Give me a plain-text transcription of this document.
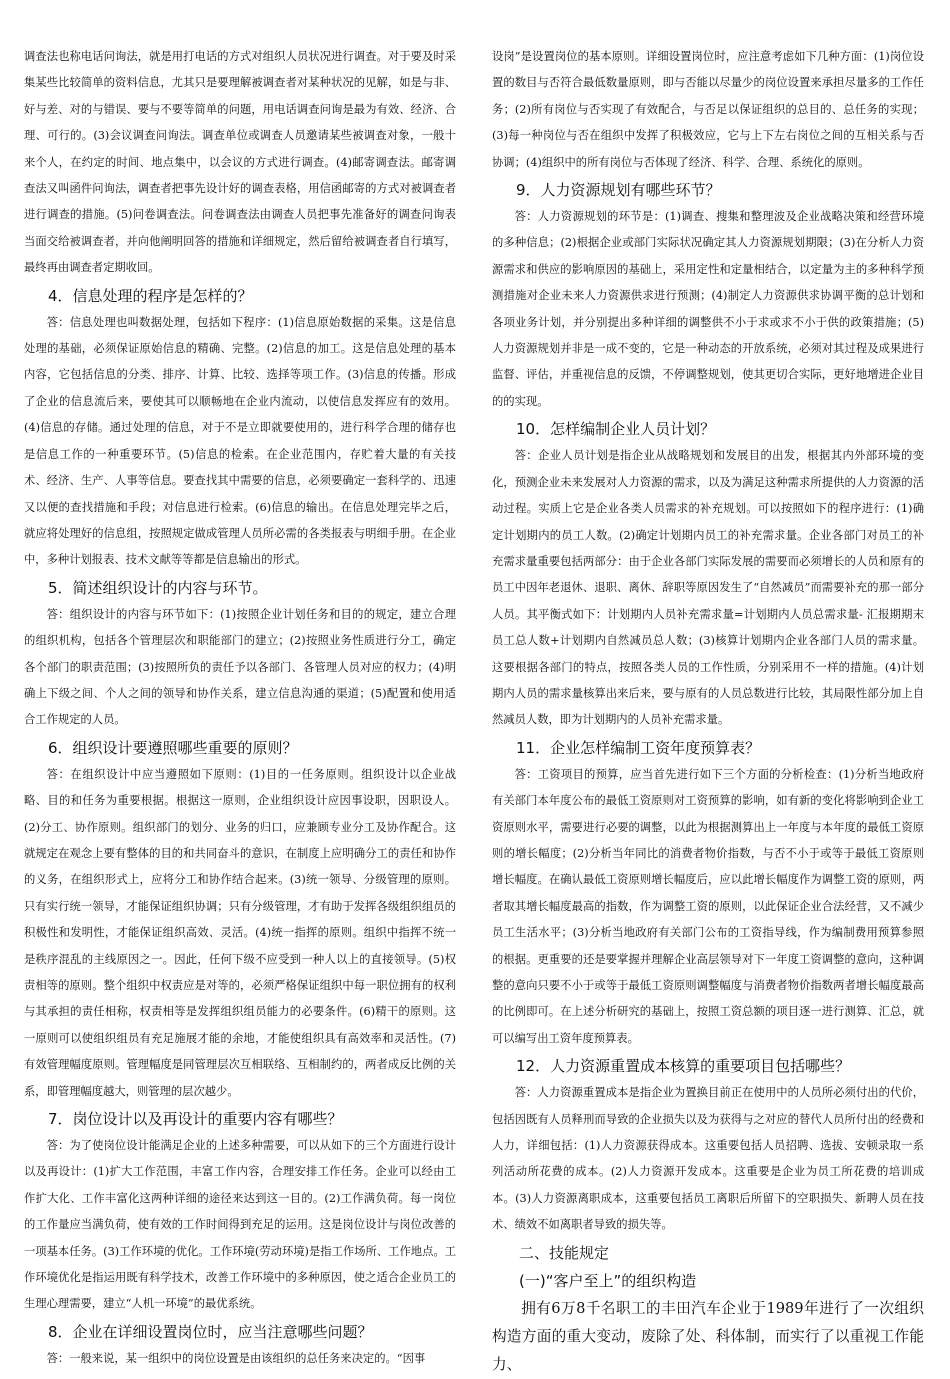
调查法也称电话问询法，就是用打电话的方式对组织人员状况进行调查。对于要及时采集某些比较简单的资料信息，尤其只是要理解被调查者对某种状况的见解，如是与非、好与差、对的与错误、要与不要等简单的问题，用电话调查问询是最为有效、经济、合理、可行的。(3)会议调查问询法。调查单位或调查人员邀请某些被调查对象，一般十来个人，在约定的时间、地点集中，以会议的方式进行调查。(4)邮寄调查法。邮寄调查法又叫函件问询法，调查者把事先设计好的调查表格，用信函邮寄的方式对被调查者进行调查的措施。(5)问卷调查法。问卷调查法由调查人员把事先准备好的调查问询表当面交给被调查者，并向他阐明回答的措施和详细规定，然后留给被调查者自行填写，最终再由调查者定期收回。

4．信息处理的程序是怎样的？

答：信息处理也叫数据处理，包括如下程序：(1)信息原始数据的采集。这是信息处理的基础，必须保证原始信息的精确、完整。(2)信息的加工。这是信息处理的基本内容，它包括信息的分类、排序、计算、比较、选择等项工作。(3)信息的传播。形成了企业的信息流后来，要使其可以顺畅地在企业内流动，以使信息发挥应有的效用。(4)信息的存储。通过处理的信息，对于不是立即就要使用的，进行科学合理的储存也是信息工作的一种重要环节。(5)信息的检索。在企业范围内，存贮着大量的有关技术、经济、生产、人事等信息。要查找其中需要的信息，必须要确定一套科学的、迅速又以便的查找措施和手段；对信息进行检索。(6)信息的输出。在信息处理完毕之后，就应将处理好的信息组，按照规定做成管理人员所必需的各类报表与明细手册。在企业中，多种计划报表、技术文献等等都是信息输出的形式。

5．简述组织设计的内容与环节。

答：组织设计的内容与环节如下：(1)按照企业计划任务和目的的规定，建立合理的组织机构，包括各个管理层次和职能部门的建立；(2)按照业务性质进行分工，确定各个部门的职责范围；(3)按照所负的责任予以各部门、各管理人员对应的权力；(4)明确上下级之间、个人之间的领导和协作关系，建立信息沟通的渠道；(5)配置和使用适合工作规定的人员。

6．组织设计要遵照哪些重要的原则？

答：在组织设计中应当遵照如下原则：(1)目的一任务原则。组织设计以企业战略、目的和任务为重要根据。根据这一原则，企业组织设计应因事设职，因职设人。(2)分工、协作原则。组织部门的划分、业务的归口，应兼顾专业分工及协作配合。这就规定在观念上要有整体的目的和共同奋斗的意识，在制度上应明确分工的责任和协作的义务，在组织形式上，应将分工和协作结合起来。(3)统一领导、分级管理的原则。只有实行统一领导，才能保证组织协调；只有分级管理，才有助于发挥各级组织组员的积极性和发明性，才能保证组织高效、灵活。(4)统一指挥的原则。组织中指挥不统一是秩序混乱的主线原因之一。因此，任何下级不应受到一种人以上的直接领导。(5)权责相等的原则。整个组织中权责应是对等的，必须严格保证组织中每一职位拥有的权利与其承担的责任相称，权责相等是发挥组织组员能力的必要条件。(6)精干的原则。这一原则可以使组织组员有充足施展才能的余地，才能使组织具有高效率和灵活性。(7)有效管理幅度原则。管理幅度是同管理层次互相联络、互相制约的，两者成反比例的关系，即管理幅度越大，则管理的层次越少。

7．岗位设计以及再设计的重要内容有哪些？

答：为了使岗位设计能满足企业的上述多种需要，可以从如下的三个方面进行设计以及再设计：(1)扩大工作范围，丰富工作内容，合理安排工作任务。企业可以经由工作扩大化、工作丰富化这两种详细的途径来达到这一目的。(2)工作满负荷。每一岗位的工作量应当满负荷，使有效的工作时间得到充足的运用。这是岗位设计与岗位改善的一项基本任务。(3)工作环境的优化。工作环境(劳动环境)是指工作场所、工作地点。工作环境优化是指运用既有科学技术，改善工作环境中的多种原因，使之适合企业员工的生理心理需要，建立“人机一环境”的最优系统。

8．企业在详细设置岗位时，应当注意哪些问题？

答：一般来说，某一组织中的岗位设置是由该组织的总任务来决定的。“因事

设岗”是设置岗位的基本原则。详细设置岗位时，应注意考虑如下几种方面：(1)岗位设置的数目与否符合最低数量原则，即与否能以尽量少的岗位设置来承担尽量多的工作任务；(2)所有岗位与否实现了有效配合，与否足以保证组织的总目的、总任务的实现；(3)每一种岗位与否在组织中发挥了积极效应，它与上下左右岗位之间的互相关系与否协调；(4)组织中的所有岗位与否体现了经济、科学、合理、系统化的原则。

9．人力资源规划有哪些环节？

答：人力资源规划的环节是：(1)调查、搜集和整理波及企业战略决策和经营环境的多种信息；(2)根据企业或部门实际状况确定其人力资源规划期限；(3)在分析人力资源需求和供应的影响原因的基础上，采用定性和定量相结合，以定量为主的多种科学预测措施对企业未来人力资源供求进行预测；(4)制定人力资源供求协调平衡的总计划和各项业务计划，并分别提出多种详细的调整供不小于求或求不小于供的政策措施；(5)人力资源规划并非是一成不变的，它是一种动态的开放系统，必须对其过程及成果进行监督、评估，并重视信息的反馈，不停调整规划，使其更切合实际，更好地增进企业目的的实现。

10．怎样编制企业人员计划？

答：企业人员计划是指企业从战略规划和发展目的出发，根据其内外部环境的变化，预测企业未来发展对人力资源的需求，以及为满足这种需求所提供的人力资源的活动过程。实质上它是企业各类人员需求的补充规划。可以按照如下的程序进行：(1)确定计划期内的员工人数。(2)确定计划期内员工的补充需求量。企业各部门对员工的补充需求量重要包括两部分：由于企业各部门实际发展的需要而必须增长的人员和原有的员工中因年老退休、退职、离休、辞职等原因发生了“自然减员”而需要补充的那一部分人员。其平衡式如下：计划期内人员补充需求量=计划期内人员总需求量- 汇报期期末员工总人数+计划期内自然减员总人数；(3)核算计划期内企业各部门人员的需求量。这要根据各部门的特点，按照各类人员的工作性质，分别采用不一样的措施。(4)计划期内人员的需求量核算出来后来，要与原有的人员总数进行比较，其局限性部分加上自然减员人数，即为计划期内的人员补充需求量。

11．企业怎样编制工资年度预算表？

答：工资项目的预算，应当首先进行如下三个方面的分析检查：(1)分析当地政府有关部门本年度公布的最低工资原则对工资预算的影响，如有新的变化将影响到企业工资原则水平，需要进行必要的调整，以此为根据测算出上一年度与本年度的最低工资原则的增长幅度；(2)分析当年同比的消费者物价指数，与否不小于或等于最低工资原则增长幅度。在确认最低工资原则增长幅度后，应以此增长幅度作为调整工资的原则，两者取其增长幅度最高的指数，作为调整工资的原则，以此保证企业合法经营，又不减少员工生活水平；(3)分析当地政府有关部门公布的工资指导线，作为编制费用预算参照的根据。更重要的还是要掌握并理解企业高层领导对下一年度工资调整的意向，这种调整的意向只要不小于或等于最低工资原则调整幅度与消费者物价指数两者增长幅度最高的比例即可。在上述分析研究的基础上，按照工资总额的项目逐一进行测算、汇总，就可以编写出工资年度预算表。

12．人力资源重置成本核算的重要项目包括哪些？

答：人力资源重置成本是指企业为置换目前正在使用中的人员所必须付出的代价，包括因既有人员释刑而导致的企业损失以及为获得与之对应的替代人员所付出的经费和人力，详细包括：(1)人力资源获得成本。这重要包括人员招聘、选拔、安顿录取一系列活动所花费的成本。(2)人力资源开发成本。这重要是企业为员工所花费的培训成本。(3)人力资源离职成本，这重要包括员工离职后所留下的空职损失、新聘人员在技术、绩效不如离职者导致的损失等。

二、技能规定
(一)“客户至上”的组织构造

拥有6万8千名职工的丰田汽车企业于1989年进行了一次组织构造方面的重大变动，废除了处、科体制，而实行了以重视工作能力、
